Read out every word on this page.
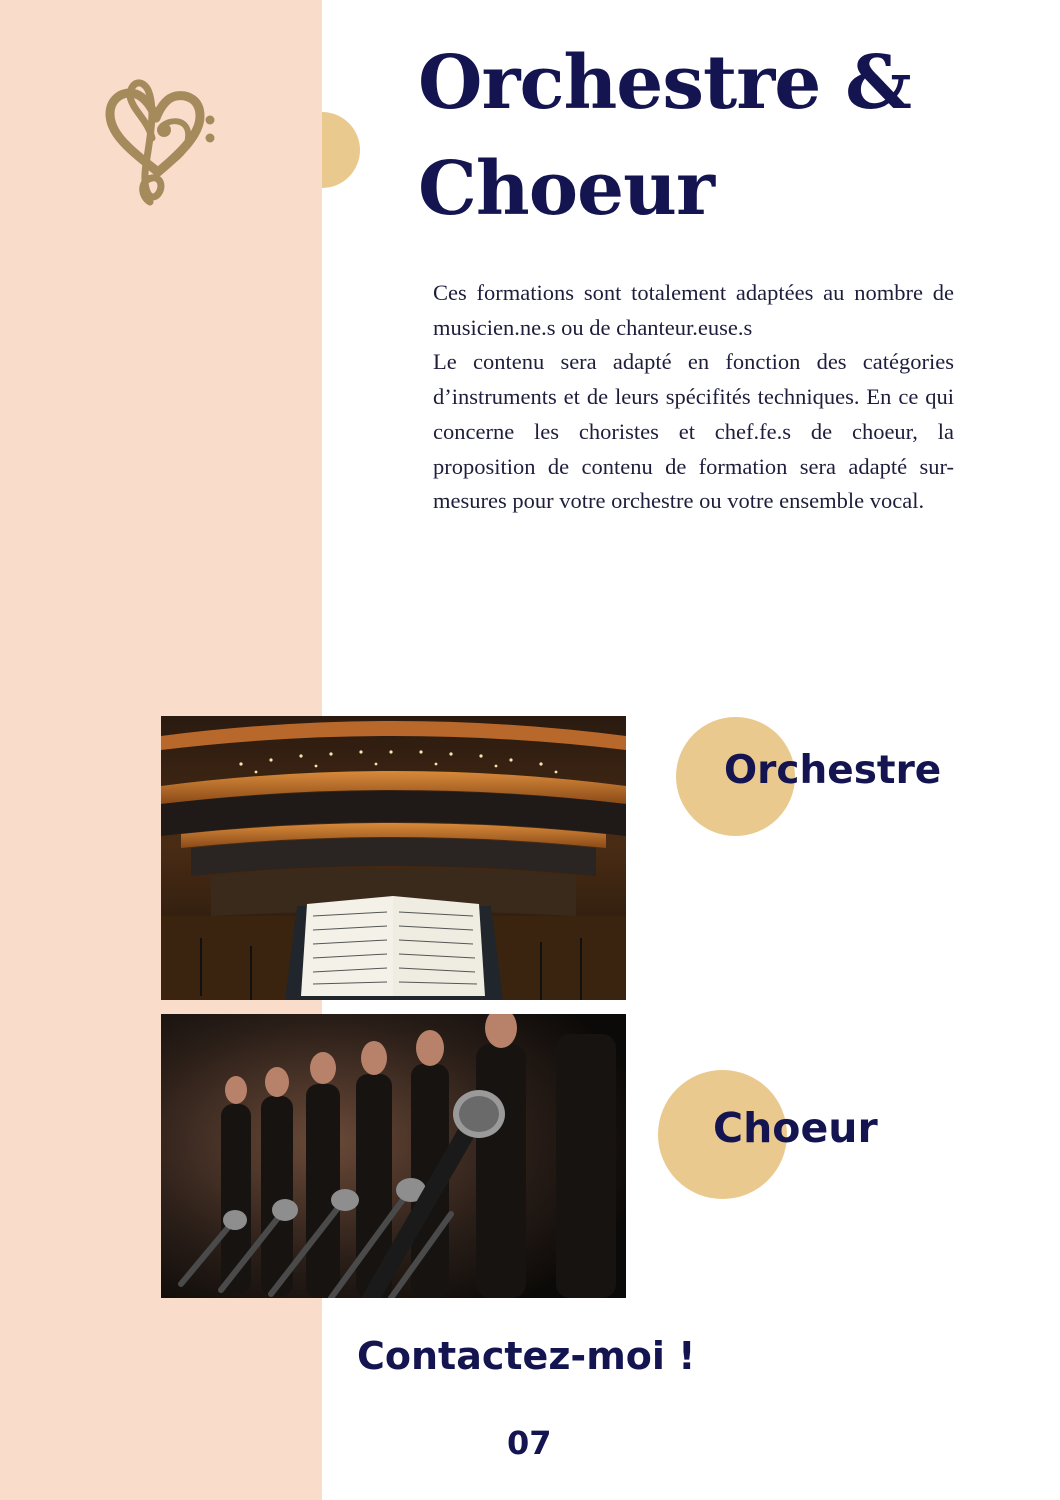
Orchestre &
Choeur

Ces formations sont totalement adaptées au nombre de musicien.ne.s ou de chanteur.euse.s

Le contenu sera adapté en fonction des catégories d’instruments et de leurs spécifités techniques. En ce qui concerne les choristes et chef.fe.s de choeur, la proposition de contenu de formation sera adapté sur-mesures pour votre orchestre ou votre ensemble vocal.

Orchestre
Choeur
Contactez-moi !
07
